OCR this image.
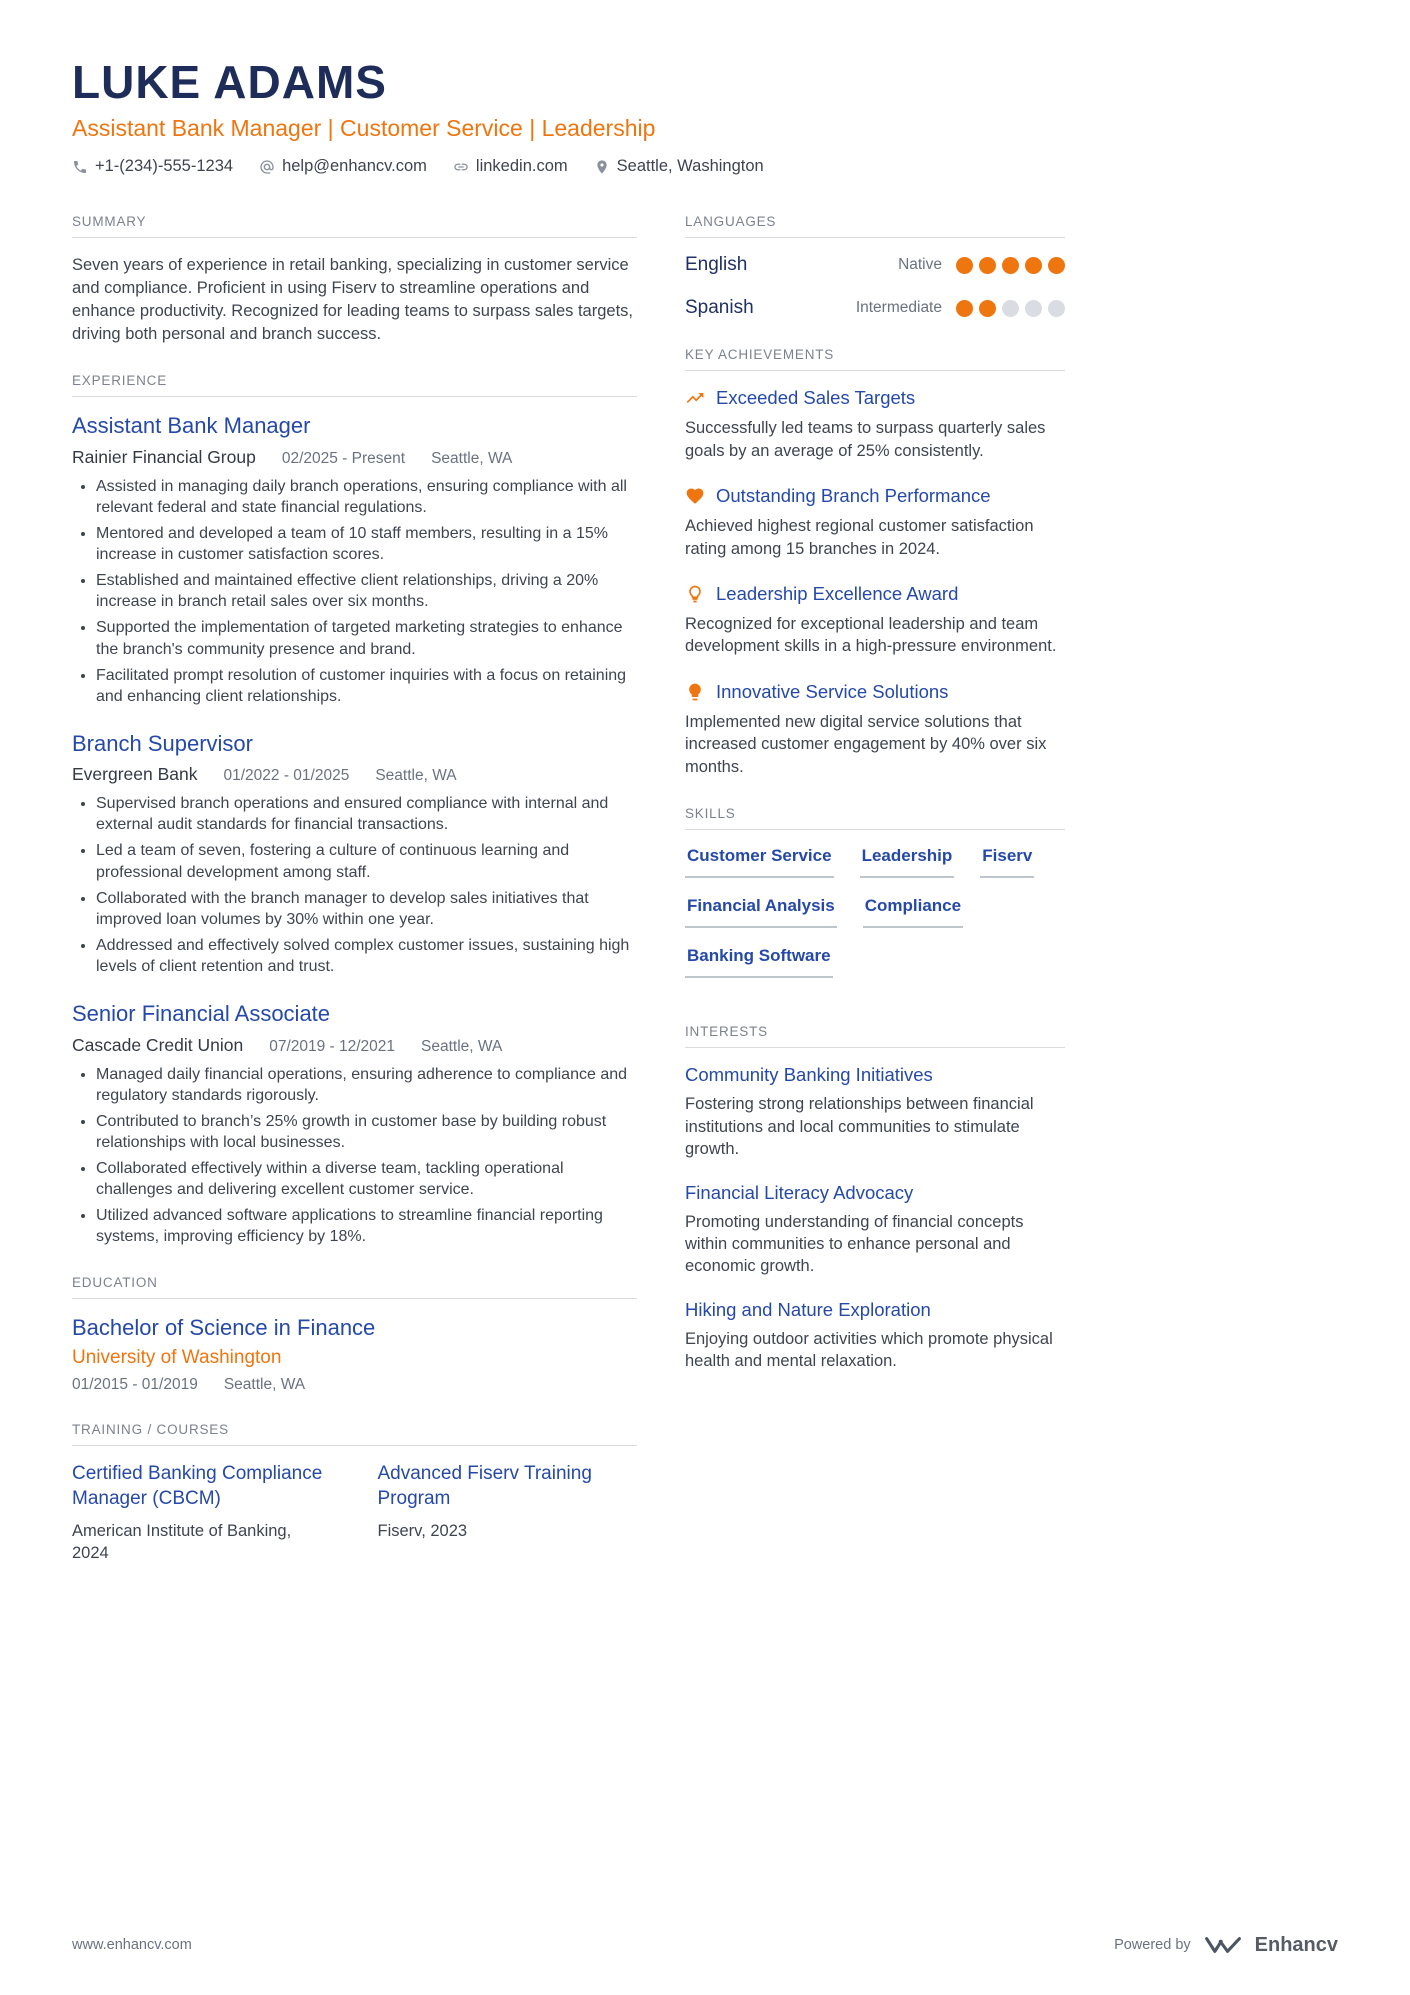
LUKE ADAMS
Assistant Bank Manager | Customer Service | Leadership
+1-(234)-555-1234	help@enhancv.com	linkedin.com	Seattle, Washington
SUMMARY
Seven years of experience in retail banking, specializing in customer service and compliance. Proficient in using Fiserv to streamline operations and enhance productivity. Recognized for leading teams to surpass sales targets, driving both personal and branch success.
EXPERIENCE
Assistant Bank Manager
Rainier Financial Group 02/2025 - Present Seattle, WA
• Assisted in managing daily branch operations, ensuring compliance with all relevant federal and state financial regulations.
• Mentored and developed a team of 10 staff members, resulting in a 15% increase in customer satisfaction scores.
• Established and maintained effective client relationships, driving a 20% increase in branch retail sales over six months.
• Supported the implementation of targeted marketing strategies to enhance the branch's community presence and brand.
• Facilitated prompt resolution of customer inquiries with a focus on retaining and enhancing client relationships.
Branch Supervisor
Evergreen Bank 01/2022 - 01/2025 Seattle, WA
• Supervised branch operations and ensured compliance with internal and external audit standards for financial transactions.
• Led a team of seven, fostering a culture of continuous learning and professional development among staff.
• Collaborated with the branch manager to develop sales initiatives that improved loan volumes by 30% within one year.
• Addressed and effectively solved complex customer issues, sustaining high levels of client retention and trust.
Senior Financial Associate
Cascade Credit Union 07/2019 - 12/2021 Seattle, WA
• Managed daily financial operations, ensuring adherence to compliance and regulatory standards rigorously.
• Contributed to branch’s 25% growth in customer base by building robust relationships with local businesses.
• Collaborated effectively within a diverse team, tackling operational challenges and delivering excellent customer service.
• Utilized advanced software applications to streamline financial reporting systems, improving efficiency by 18%.
EDUCATION
Bachelor of Science in Finance
University of Washington
01/2015 - 01/2019 Seattle, WA
TRAINING / COURSES
Certified Banking Compliance Manager (CBCM)
American Institute of Banking, 2024
Advanced Fiserv Training Program
Fiserv, 2023
LANGUAGES
English	Native
Spanish	Intermediate
KEY ACHIEVEMENTS
Exceeded Sales Targets
Successfully led teams to surpass quarterly sales goals by an average of 25% consistently.
Outstanding Branch Performance
Achieved highest regional customer satisfaction rating among 15 branches in 2024.
Leadership Excellence Award
Recognized for exceptional leadership and team development skills in a high-pressure environment.
Innovative Service Solutions
Implemented new digital service solutions that increased customer engagement by 40% over six months.
SKILLS
Customer Service Leadership Fiserv
Financial Analysis Compliance
Banking Software
INTERESTS
Community Banking Initiatives
Fostering strong relationships between financial institutions and local communities to stimulate growth.
Financial Literacy Advocacy
Promoting understanding of financial concepts within communities to enhance personal and economic growth.
Hiking and Nature Exploration
Enjoying outdoor activities which promote physical health and mental relaxation.
www.enhancv.com	Powered by	Enhancv
